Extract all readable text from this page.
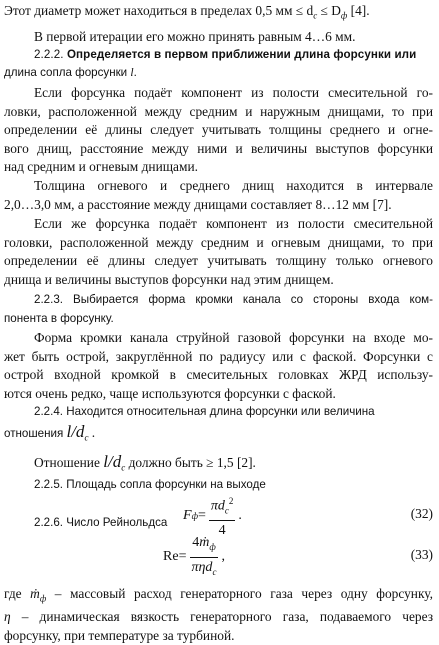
Этот диаметр может находиться в пределах 0,5 мм ≤ $d_c \le D_ф$ [4].

В первой итерации его можно принять равным 4…6 мм.

2.2.2. Определяется в первом приближении длина форсунки или

длина сопла форсунки l.

Если форсунка подаёт компонент из полости смесительной го-
ловки, расположенной между средним и наружным днищами, то при
определении её длины следует учитывать толщины среднего и огне-
вого днищ, расстояние между ними и величины выступов форсунки
над средним и огневым днищами.
Толщина огневого и среднего днищ находится в интервале
2,0…3,0 мм, а расстояние между днищами составляет 8…12 мм [7].
Если же форсунка подаёт компонент из полости смесительной
головки, расположенной между средним и огневым днищами, то при
определении её длины следует учитывать толщину только огневого
днища и величины выступов форсунки над этим днищем.
2.2.3. Выбирается форма кромки канала со стороны входа ком-
понента в форсунку.
Форма кромки канала струйной газовой форсунки на входе мо-
жет быть острой, закруглённой по радиусу или с фаской. Форсунки с
острой входной кромкой в смесительных головках ЖРД использу-
ются очень редко, чаще используются форсунки с фаской.
2.2.4. Находится относительная длина форсунки или величина
отношения $l/d_c$ .
Отношение $l/d_c$ должно быть ≥ 1,5 [2].
2.2.5. Площадь сопла форсунки на выходе
F $ф = \frac{\pi d_c^2}{4}$ .	(32)
2.2.6. Число Рейнольдса
$Re = \frac{4ṁ_ф}{\pi\eta d_c}$ ,	(33)
где ṁ$_ф$ – массовый расход генераторного газа через одну форсунку,
η – динамическая вязкость генераторного газа, подаваемого через
форсунку, при температуре за турбиной.
